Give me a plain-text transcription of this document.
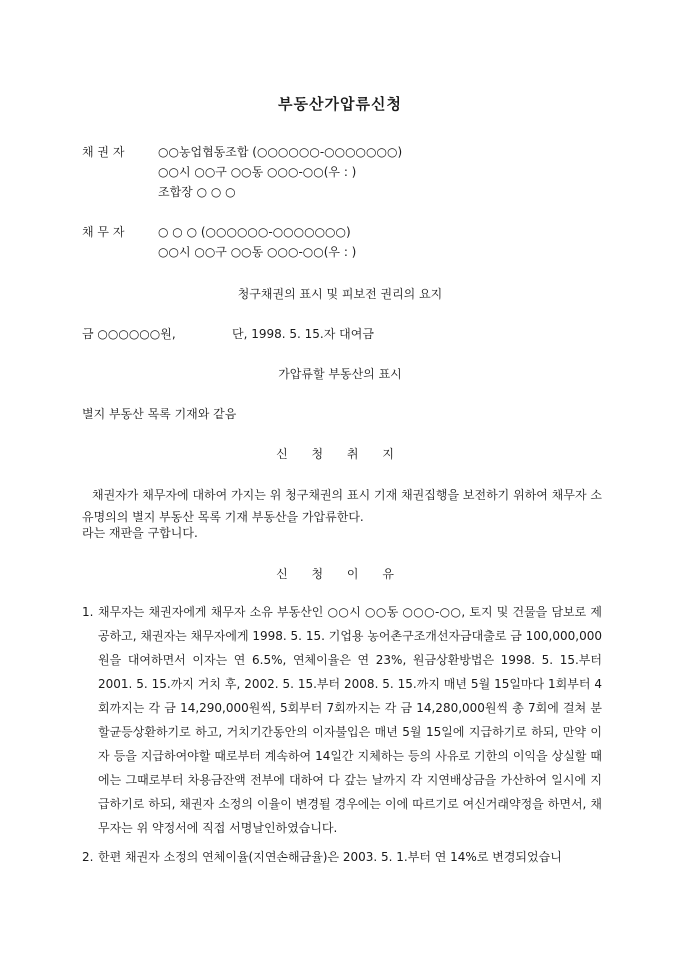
부동산가압류신청
채 권 자	○○농업협동조합 (○○○○○○-○○○○○○○)
○○시 ○○구 ○○동 ○○○-○○(우 : )
조합장 ○ ○ ○
채 무 자	○ ○ ○ (○○○○○○-○○○○○○○)
○○시 ○○구 ○○동 ○○○-○○(우 : )
청구채권의 표시 및 피보전 권리의 요지
금 ○○○○○○원,	단, 1998. 5. 15.자 대여금
가압류할 부동산의 표시
별지 부동산 목록 기재와 같음
신 청 취 지
채권자가 채무자에 대하여 가지는 위 청구채권의 표시 기재 채권집행을 보전하기 위하여 채무자 소유명의의 별지 부동산 목록 기재 부동산을 가압류한다.
라는 재판을 구합니다.
신 청 이 유
1. 채무자는 채권자에게 채무자 소유 부동산인 ○○시 ○○동 ○○○-○○, 토지 및 건물을 담보로 제공하고, 채권자는 채무자에게 1998. 5. 15. 기업용 농어촌구조개선자금대출로 금 100,000,000원을 대여하면서 이자는 연 6.5%, 연체이율은 연 23%, 원금상환방법은 1998. 5. 15.부터 2001. 5. 15.까지 거치 후, 2002. 5. 15.부터 2008. 5. 15.까지 매년 5월 15일마다 1회부터 4회까지는 각 금 14,290,000원씩, 5회부터 7회까지는 각 금 14,280,000원씩 총 7회에 걸쳐 분할균등상환하기로 하고, 거치기간동안의 이자불입은 매년 5월 15일에 지급하기로 하되, 만약 이자 등을 지급하여야할 때로부터 계속하여 14일간 지체하는 등의 사유로 기한의 이익을 상실할 때에는 그때로부터 차용금잔액 전부에 대하여 다 갚는 날까지 각 지연배상금을 가산하여 일시에 지급하기로 하되, 채권자 소정의 이율이 변경될 경우에는 이에 따르기로 여신거래약정을 하면서, 채무자는 위 약정서에 직접 서명날인하였습니다.
2. 한편 채권자 소정의 연체이율(지연손해금율)은 2003. 5. 1.부터 연 14%로 변경되었습니
